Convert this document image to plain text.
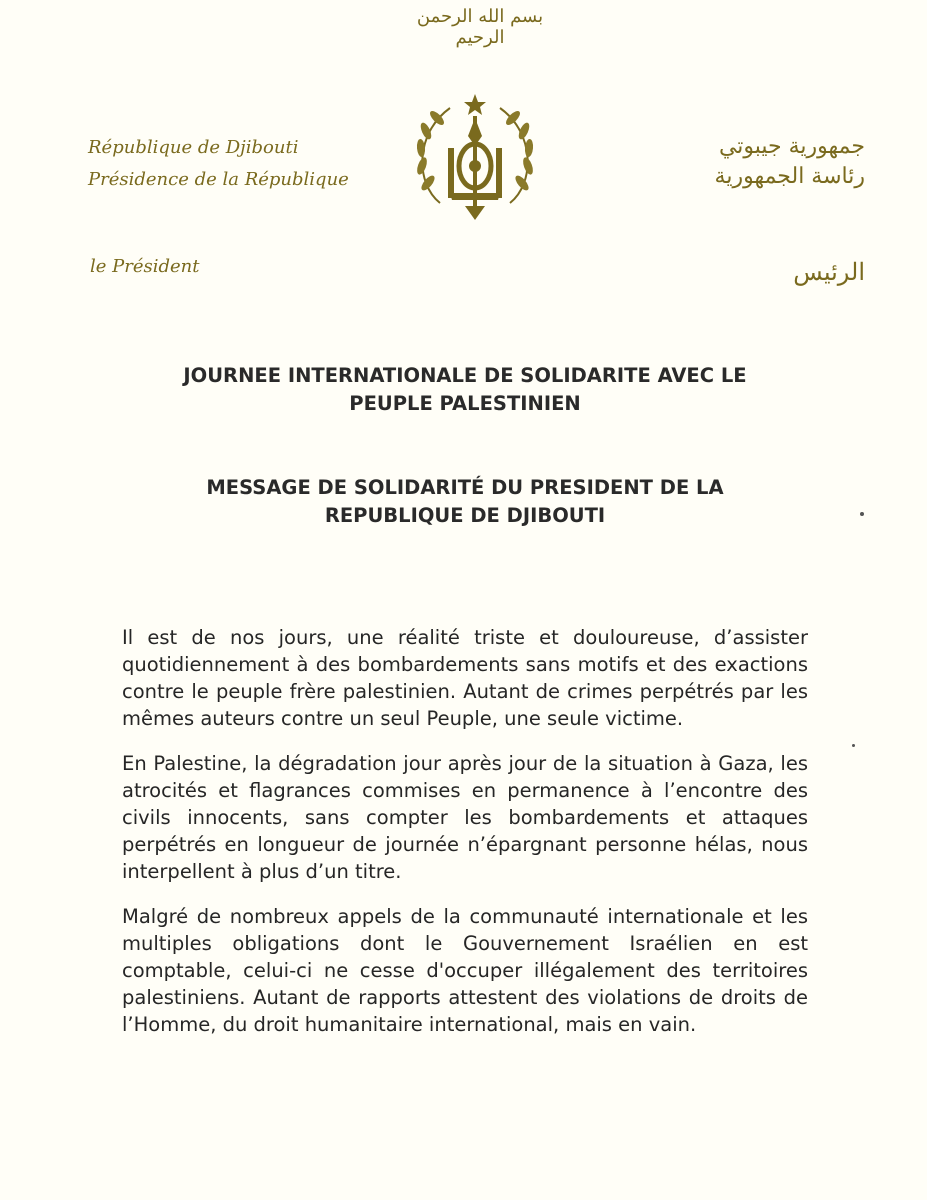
بسم الله الرحمن الرحيم
République de Djibouti
Présidence de la République
جمهورية جيبوتي
رئاسة الجمهورية
le Président	الرئيس
JOURNEE INTERNATIONALE DE SOLIDARITE AVEC LE
PEUPLE PALESTINIEN
MESSAGE DE SOLIDARITÉ DU PRESIDENT DE LA
REPUBLIQUE DE DJIBOUTI

Il est de nos jours, une réalité triste et douloureuse, d’assister quotidiennement à des bombardements sans motifs et des exactions contre le peuple frère palestinien. Autant de crimes perpétrés par les mêmes auteurs contre un seul Peuple, une seule victime.

En Palestine, la dégradation jour après jour de la situation à Gaza, les atrocités et flagrances commises en permanence à l’encontre des civils innocents, sans compter les bombardements et attaques perpétrés en longueur de journée n’épargnant personne hélas, nous interpellent à plus d’un titre.

Malgré de nombreux appels de la communauté internationale et les multiples obligations dont le Gouvernement Israélien en est comptable, celui-ci ne cesse d'occuper illégalement des territoires palestiniens. Autant de rapports attestent des violations de droits de l’Homme, du droit humanitaire international, mais en vain.
